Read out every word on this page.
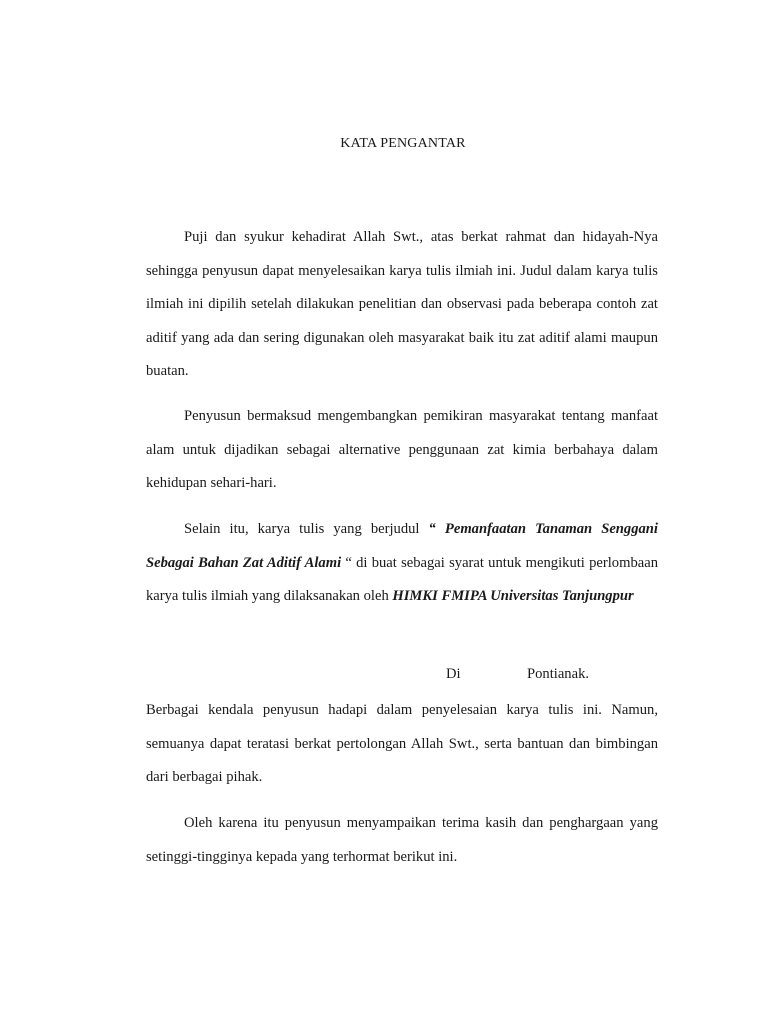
KATA PENGANTAR

Puji dan syukur kehadirat Allah Swt., atas berkat rahmat dan hidayah-Nya sehingga penyusun dapat menyelesaikan karya tulis ilmiah ini. Judul dalam karya tulis ilmiah ini dipilih setelah dilakukan penelitian dan observasi pada beberapa contoh zat aditif yang ada dan sering digunakan oleh masyarakat baik itu zat aditif alami maupun buatan.

Penyusun bermaksud mengembangkan pemikiran masyarakat tentang manfaat alam untuk dijadikan sebagai alternative penggunaan zat kimia berbahaya dalam kehidupan sehari-hari.

Selain itu, karya tulis yang berjudul “ Pemanfaatan Tanaman Senggani Sebagai Bahan Zat Aditif Alami “ di buat sebagai syarat untuk mengikuti perlombaan karya tulis ilmiah yang dilaksanakan oleh HIMKI FMIPA Universitas Tanjungpur

Di	Pontianak.

Berbagai kendala penyusun hadapi dalam penyelesaian karya tulis ini. Namun, semuanya dapat teratasi berkat pertolongan Allah Swt., serta bantuan dan bimbingan dari berbagai pihak.

Oleh karena itu penyusun menyampaikan terima kasih dan penghargaan yang setinggi-tingginya kepada yang terhormat berikut ini.
